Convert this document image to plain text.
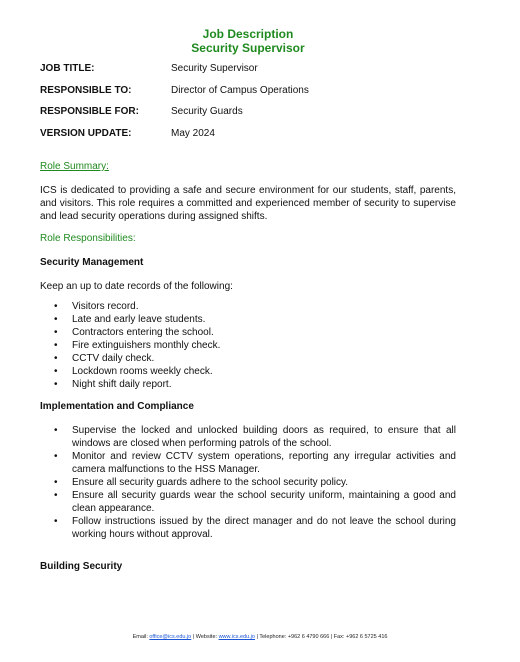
Job Description
Security Supervisor
JOB TITLE:	Security Supervisor
RESPONSIBLE TO:	Director of Campus Operations
RESPONSIBLE FOR:	Security Guards
VERSION UPDATE:	May 2024
Role Summary:
ICS is dedicated to providing a safe and secure environment for our students, staff, parents, and visitors. This role requires a committed and experienced member of security to supervise and lead security operations during assigned shifts.
Role Responsibilities:
Security Management
Keep an up to date records of the following:
• Visitors record.
• Late and early leave students.
• Contractors entering the school.
• Fire extinguishers monthly check.
• CCTV daily check.
• Lockdown rooms weekly check.
• Night shift daily report.
Implementation and Compliance
• Supervise the locked and unlocked building doors as required, to ensure that all windows are closed when performing patrols of the school.
• Monitor and review CCTV system operations, reporting any irregular activities and camera malfunctions to the HSS Manager.
• Ensure all security guards adhere to the school security policy.
• Ensure all security guards wear the school security uniform, maintaining a good and clean appearance.
• Follow instructions issued by the direct manager and do not leave the school during working hours without approval.
Building Security
Email: office@ics.edu.jo | Website: www.ics.edu.jo | Telephone: +962 6 4790 666 | Fax: +962 6 5725 416
